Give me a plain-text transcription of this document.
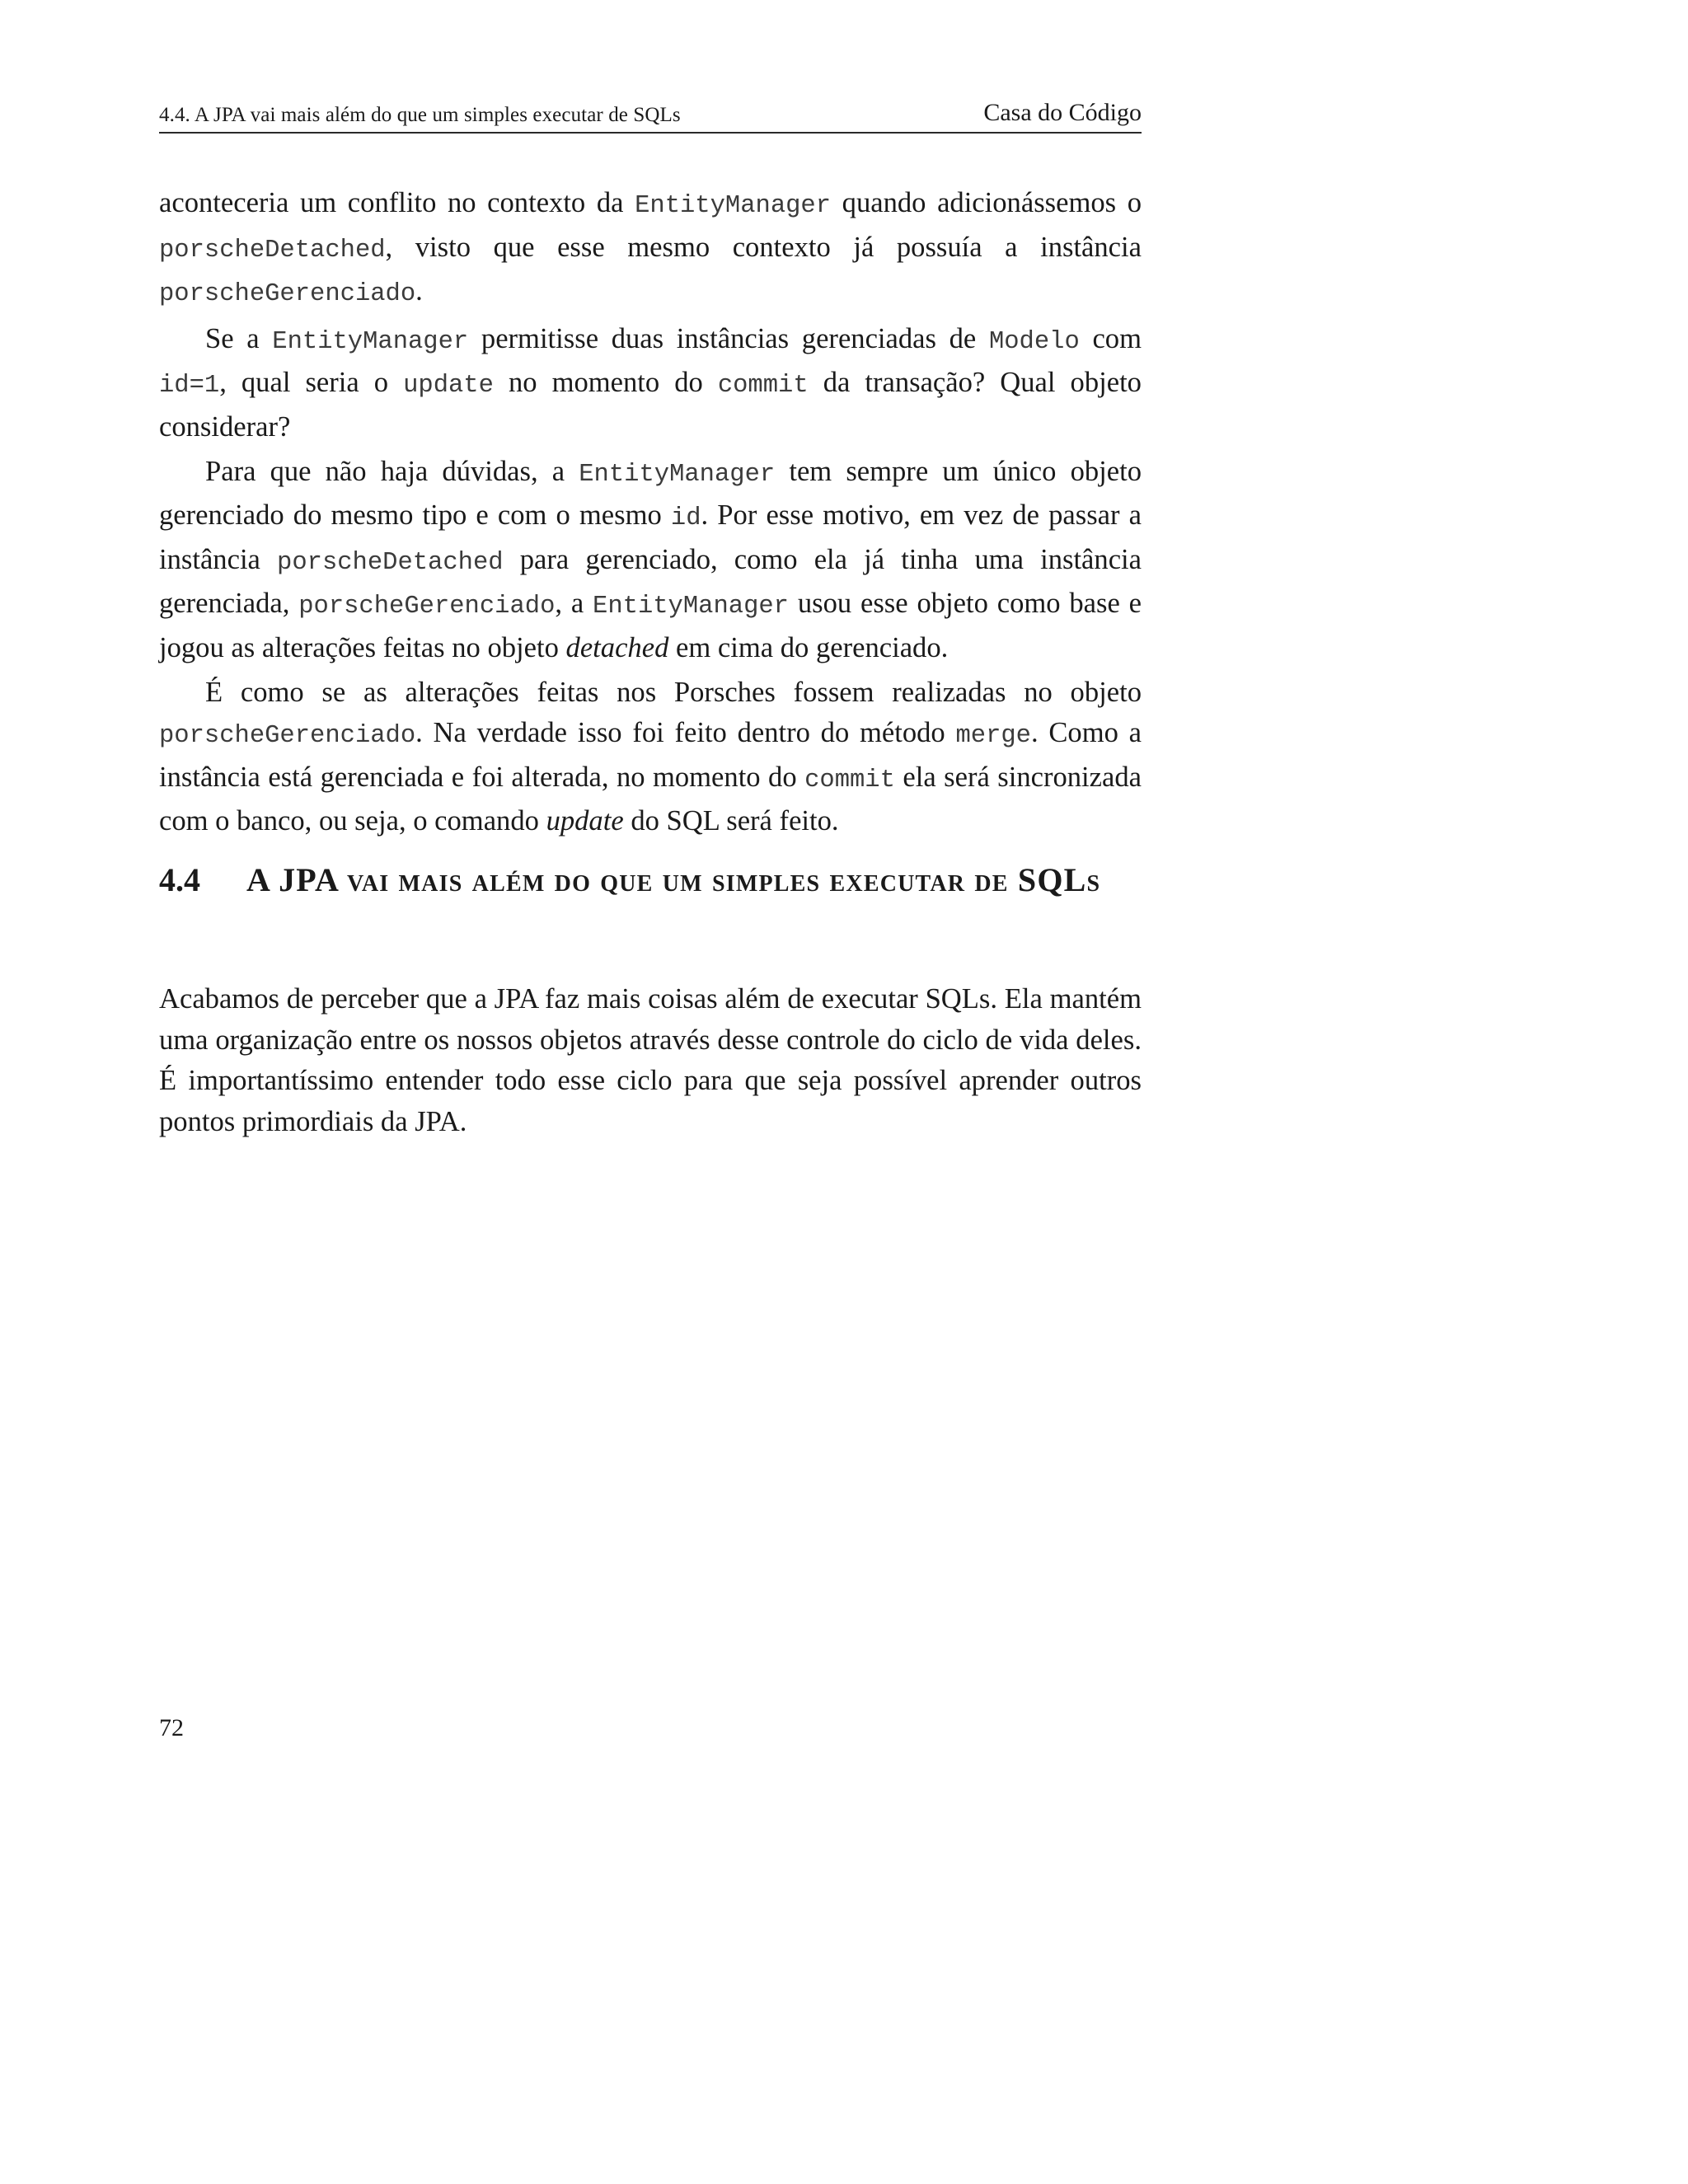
4.4. A JPA vai mais além do que um simples executar de SQLs	Casa do Código

aconteceria um conflito no contexto da EntityManager quando adicionássemos o porscheDetached, visto que esse mesmo contexto já possuía a instância porscheGerenciado.

Se a EntityManager permitisse duas instâncias gerenciadas de Modelo com id=1, qual seria o update no momento do commit da transação? Qual objeto considerar?

Para que não haja dúvidas, a EntityManager tem sempre um único objeto gerenciado do mesmo tipo e com o mesmo id. Por esse motivo, em vez de passar a instância porscheDetached para gerenciado, como ela já tinha uma instância gerenciada, porscheGerenciado, a EntityManager usou esse objeto como base e jogou as alterações feitas no objeto detached em cima do gerenciado.

É como se as alterações feitas nos Porsches fossem realizadas no objeto porscheGerenciado. Na verdade isso foi feito dentro do método merge. Como a instância está gerenciada e foi alterada, no momento do commit ela será sincronizada com o banco, ou seja, o comando update do SQL será feito.

4.4	A JPA vai mais além do que um simples executar de SQLs

Acabamos de perceber que a JPA faz mais coisas além de executar SQLs. Ela mantém uma organização entre os nossos objetos através desse controle do ciclo de vida deles. É importantíssimo entender todo esse ciclo para que seja possível aprender outros pontos primordiais da JPA.

72
